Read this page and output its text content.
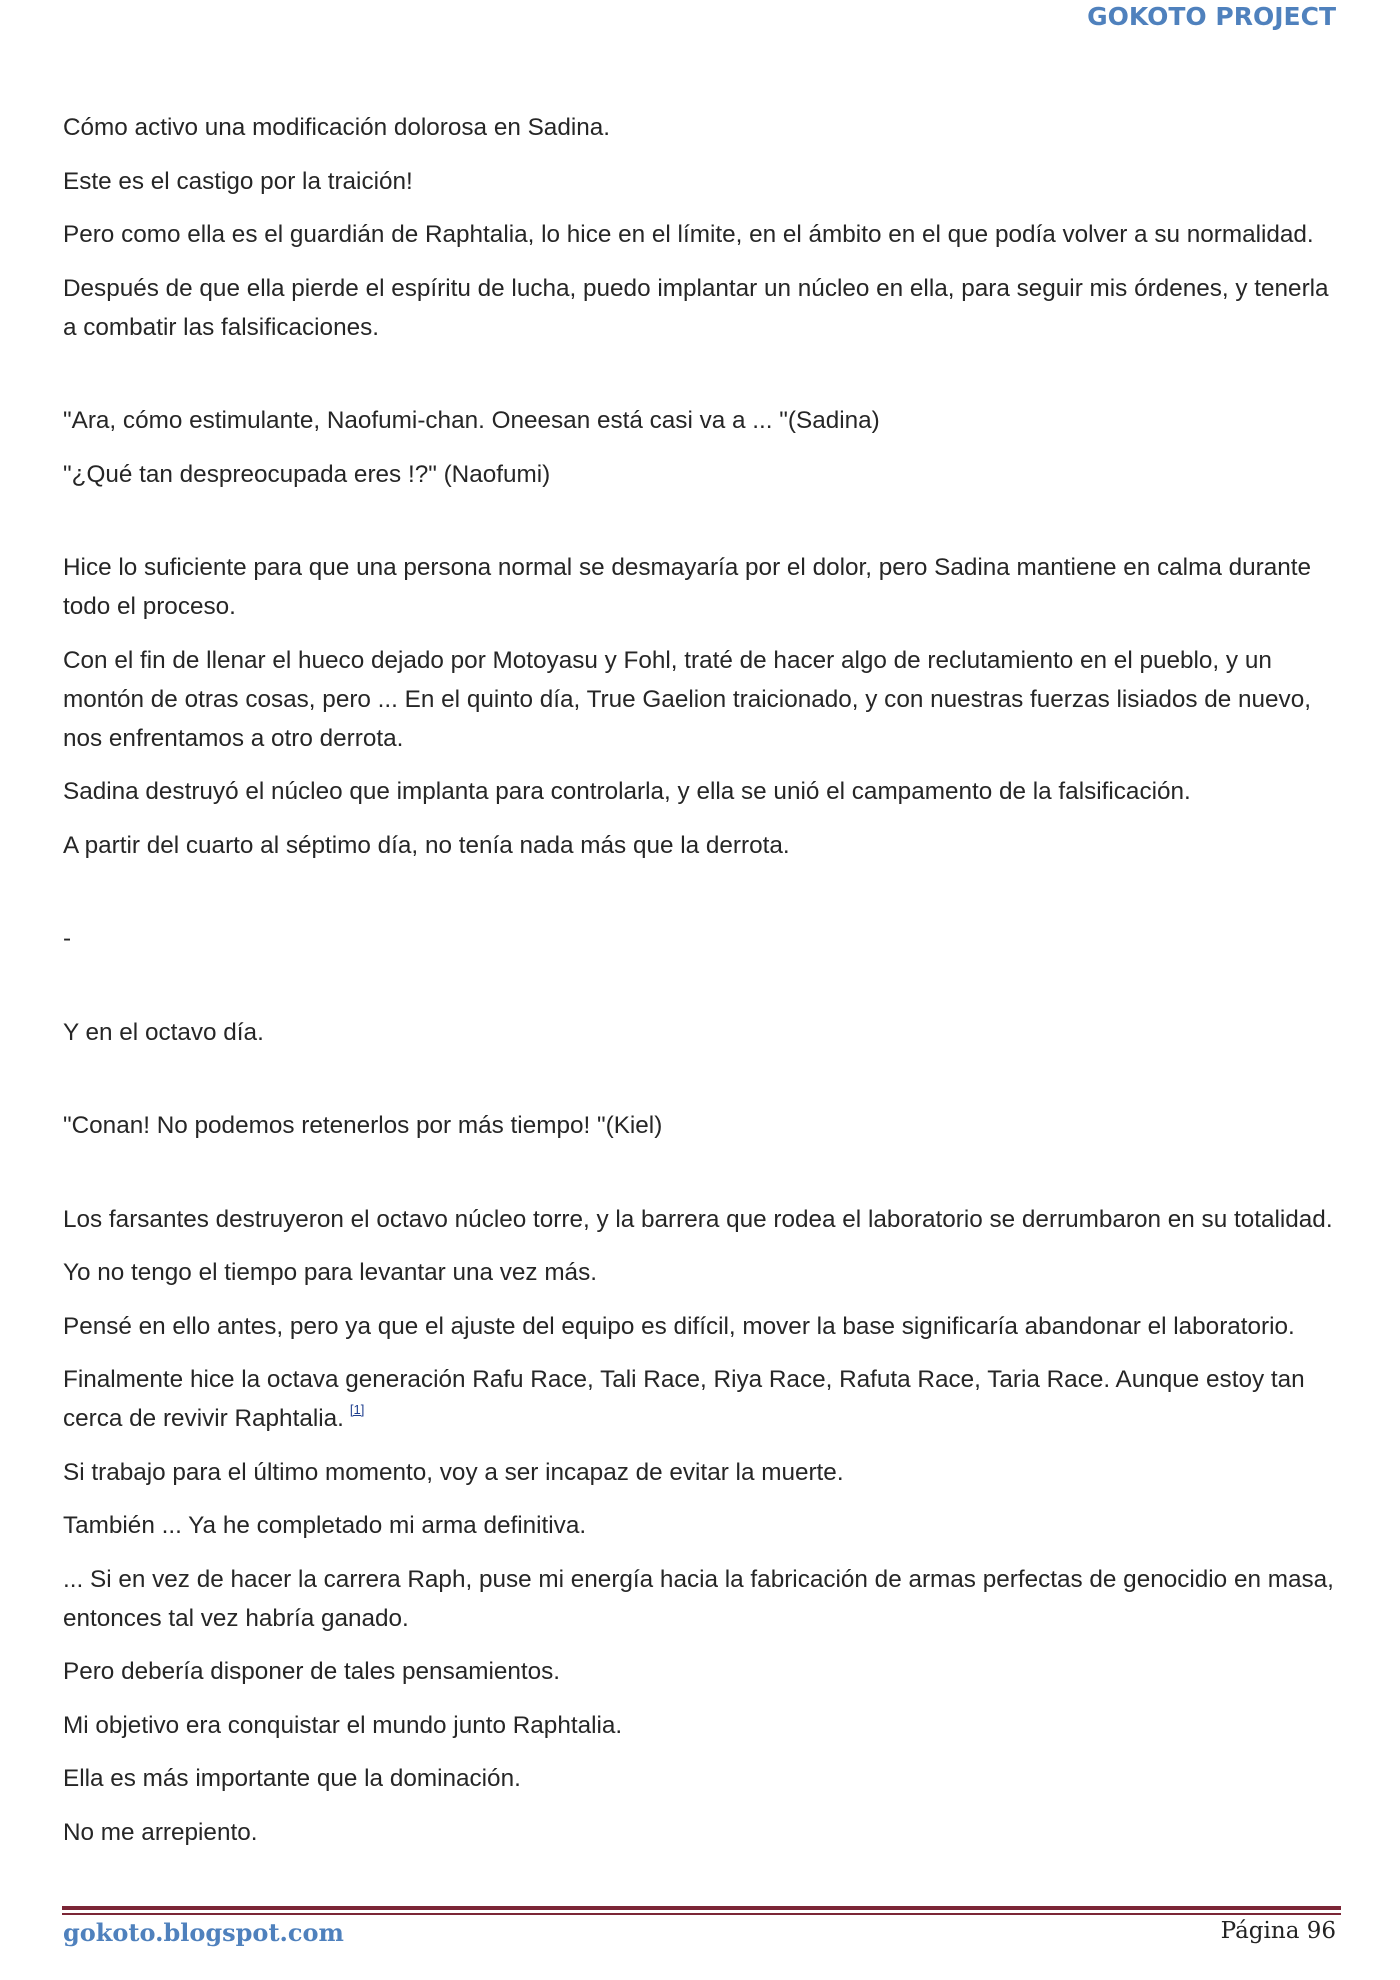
GOKOTO PROJECT

Cómo activo una modificación dolorosa en Sadina.

Este es el castigo por la traición!

Pero como ella es el guardián de Raphtalia, lo hice en el límite, en el ámbito en el que podía volver a su normalidad.

Después de que ella pierde el espíritu de lucha, puedo implantar un núcleo en ella, para seguir mis órdenes, y tenerla a combatir las falsificaciones.

"Ara, cómo estimulante, Naofumi-chan. Oneesan está casi va a ... "(Sadina)

"¿Qué tan despreocupada eres !?" (Naofumi)

Hice lo suficiente para que una persona normal se desmayaría por el dolor, pero Sadina mantiene en calma durante todo el proceso.

Con el fin de llenar el hueco dejado por Motoyasu y Fohl, traté de hacer algo de reclutamiento en el pueblo, y un montón de otras cosas, pero ... En el quinto día, True Gaelion traicionado, y con nuestras fuerzas lisiados de nuevo, nos enfrentamos a otro derrota.

Sadina destruyó el núcleo que implanta para controlarla, y ella se unió el campamento de la falsificación.

A partir del cuarto al séptimo día, no tenía nada más que la derrota.

-

Y en el octavo día.

"Conan! No podemos retenerlos por más tiempo! "(Kiel)

Los farsantes destruyeron el octavo núcleo torre, y la barrera que rodea el laboratorio se derrumbaron en su totalidad.

Yo no tengo el tiempo para levantar una vez más.

Pensé en ello antes, pero ya que el ajuste del equipo es difícil, mover la base significaría abandonar el laboratorio.

Finalmente hice la octava generación Rafu Race, Tali Race, Riya Race, Rafuta Race, Taria Race. Aunque estoy tan cerca de revivir Raphtalia. [1]

Si trabajo para el último momento, voy a ser incapaz de evitar la muerte.

También ... Ya he completado mi arma definitiva.

... Si en vez de hacer la carrera Raph, puse mi energía hacia la fabricación de armas perfectas de genocidio en masa, entonces tal vez habría ganado.

Pero debería disponer de tales pensamientos.

Mi objetivo era conquistar el mundo junto Raphtalia.

Ella es más importante que la dominación.

No me arrepiento.

gokoto.blogspot.com	Página 96
